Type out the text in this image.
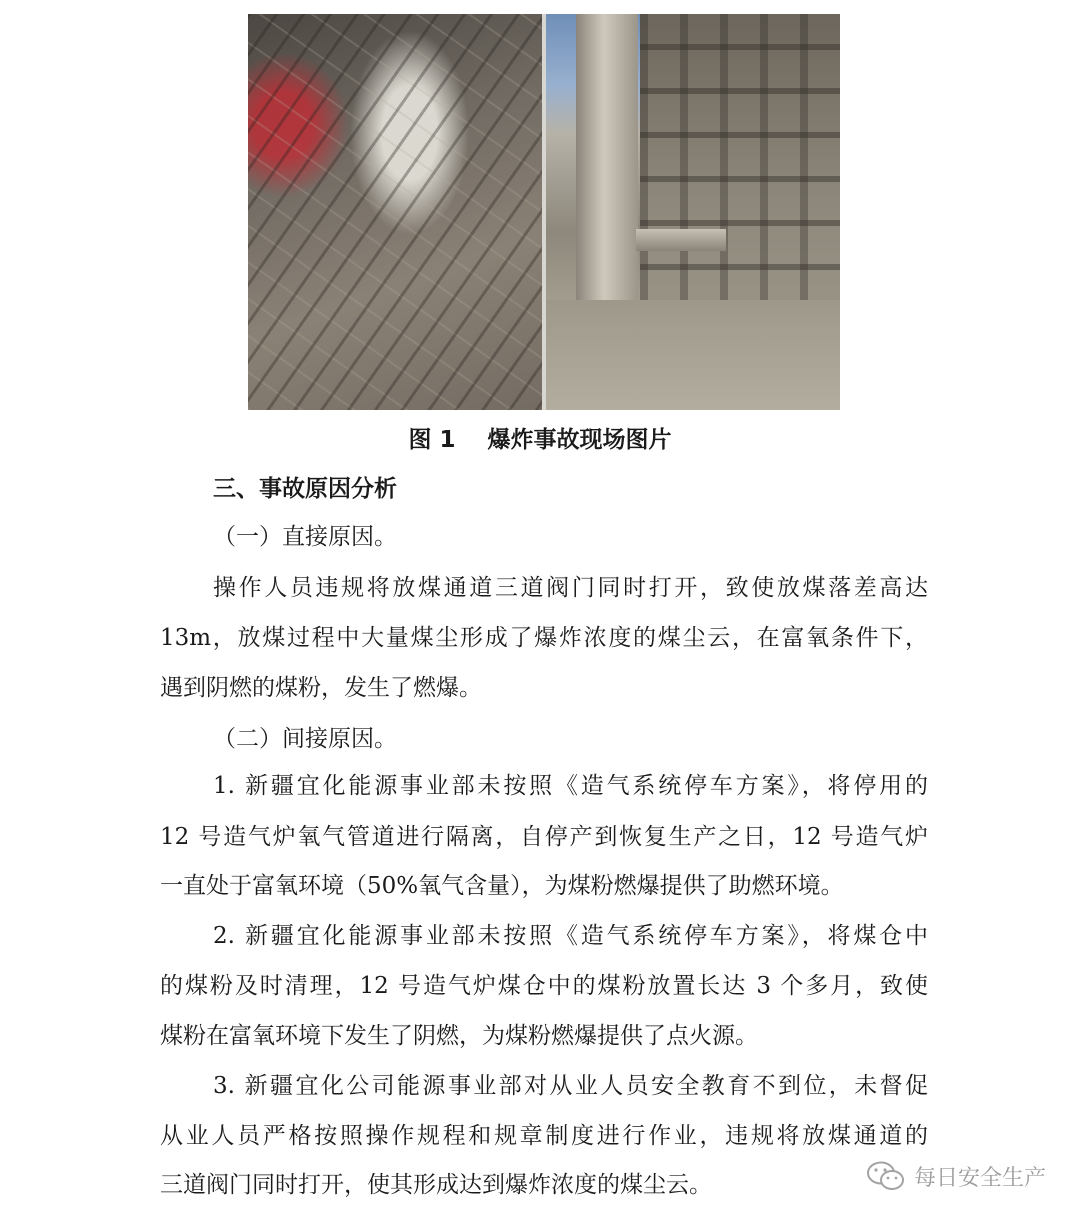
图 1    爆炸事故现场图片
三、事故原因分析
（一）直接原因。
操作人员违规将放煤通道三道阀门同时打开，致使放煤落差高达
13m，放煤过程中大量煤尘形成了爆炸浓度的煤尘云，在富氧条件下，
遇到阴燃的煤粉，发生了燃爆。
（二）间接原因。
1. 新疆宜化能源事业部未按照《造气系统停车方案》，将停用的
12 号造气炉氧气管道进行隔离，自停产到恢复生产之日，12 号造气炉
一直处于富氧环境（50%氧气含量），为煤粉燃爆提供了助燃环境。
2. 新疆宜化能源事业部未按照《造气系统停车方案》，将煤仓中
的煤粉及时清理，12 号造气炉煤仓中的煤粉放置长达 3 个多月，致使
煤粉在富氧环境下发生了阴燃，为煤粉燃爆提供了点火源。
3. 新疆宜化公司能源事业部对从业人员安全教育不到位，未督促
从业人员严格按照操作规程和规章制度进行作业，违规将放煤通道的
三道阀门同时打开，使其形成达到爆炸浓度的煤尘云。	每日安全生产
